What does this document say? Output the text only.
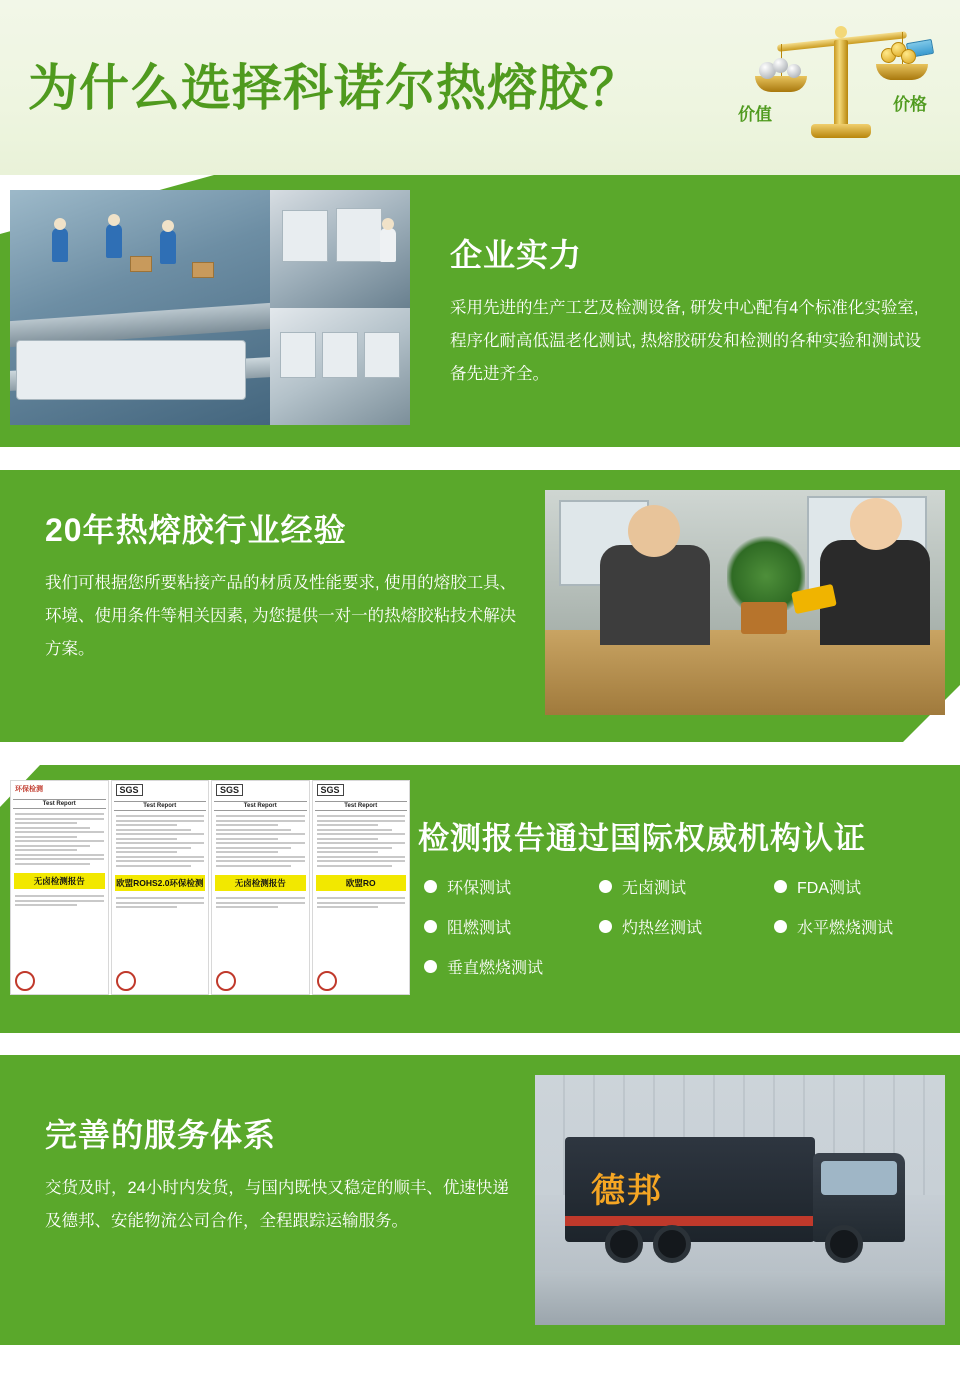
为什么选择科诺尔热熔胶？	价值
价格
企业实力
采用先进的生产工艺及检测设备, 研发中心配有4个标准化实验室, 程序化耐高低温老化测试, 热熔胶研发和检测的各种实验和测试设备先进齐全。
20年热熔胶行业经验
我们可根据您所要粘接产品的材质及性能要求, 使用的熔胶工具、环境、使用条件等相关因素, 为您提供一对一的热熔胶粘技术解决方案。
环保检测
Test Report
无卤检测报告
SGS
Test Report
欧盟ROHS2.0环保检测
SGS
Test Report
无卤检测报告
SGS
Test Report
欧盟RO
检测报告通过国际权威机构认证
环保测试	无卤测试	FDA测试
阻燃测试	灼热丝测试	水平燃烧测试
垂直燃烧测试
完善的服务体系
交货及时，24小时内发货，与国内既快又稳定的顺丰、优速快递及德邦、安能物流公司合作，全程跟踪运输服务。
德邦
